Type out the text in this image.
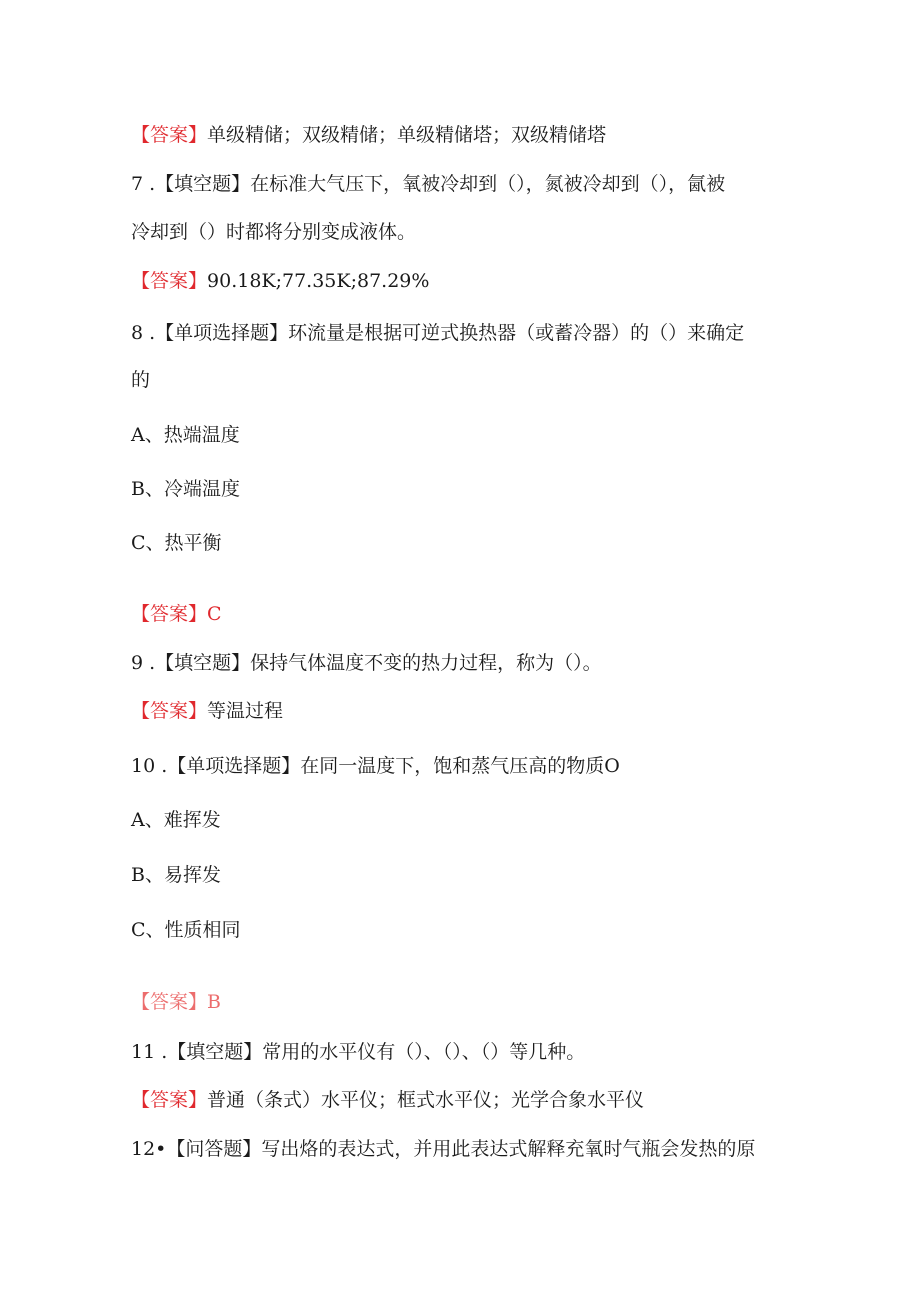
【答案】单级精储；双级精储；单级精储塔；双级精储塔
7 .【填空题】在标准大气压下，氧被冷却到（），氮被冷却到（），氤被
冷却到（）时都将分别变成液体。
【答案】90.18K;77.35K;87.29%
8 .【单项选择题】环流量是根据可逆式换热器（或蓄冷器）的（）来确定
的
A、热端温度
B、冷端温度
C、热平衡
【答案】C
9 .【填空题】保持气体温度不变的热力过程，称为（）。
【答案】等温过程
10 .【单项选择题】在同一温度下，饱和蒸气压高的物质O
A、难挥发
B、易挥发
C、性质相同
【答案】B
11 .【填空题】常用的水平仪有（）、（）、（）等几种。
【答案】普通（条式）水平仪；框式水平仪；光学合象水平仪
12•【问答题】写出烙的表达式，并用此表达式解释充氧时气瓶会发热的原
